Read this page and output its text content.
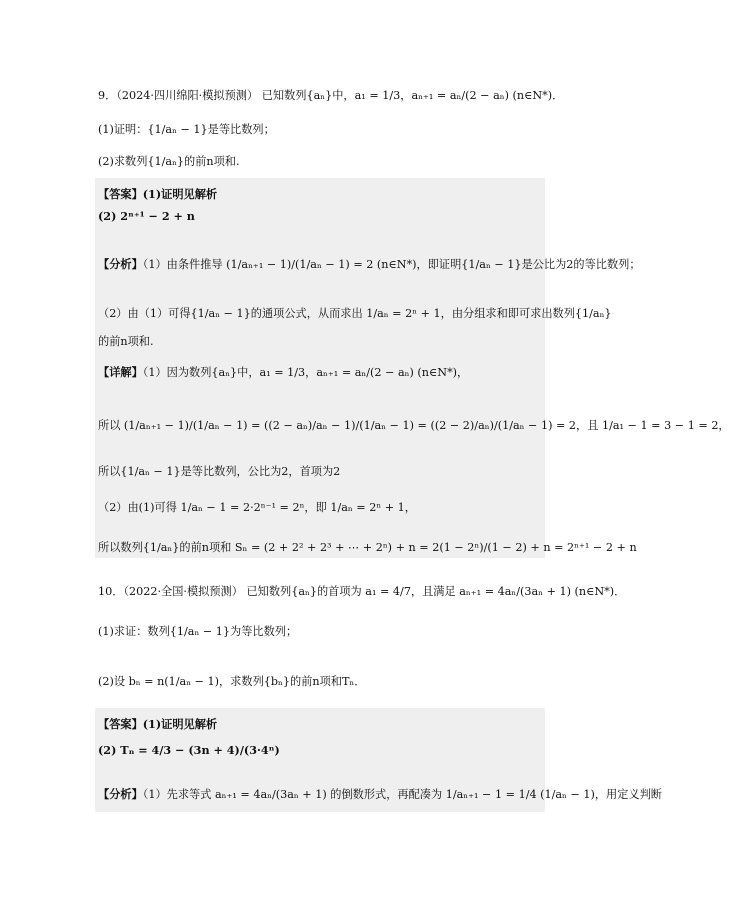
9．（2024·四川绵阳·模拟预测） 已知数列{aₙ}中，a₁ = 1/3，aₙ₊₁ = aₙ/(2 − aₙ) (n∈N*)．
(1)证明：{1/aₙ − 1}是等比数列；
(2)求数列{1/aₙ}的前n项和.
【答案】(1)证明见解析
(2) 2ⁿ⁺¹ − 2 + n
【分析】（1）由条件推导 (1/aₙ₊₁ − 1)/(1/aₙ − 1) = 2 (n∈N*)，即证明{1/aₙ − 1}是公比为2的等比数列；
（2）由（1）可得{1/aₙ − 1}的通项公式，从而求出 1/aₙ = 2ⁿ + 1，由分组求和即可求出数列{1/aₙ}
的前n项和.
【详解】（1）因为数列{aₙ}中，a₁ = 1/3，aₙ₊₁ = aₙ/(2 − aₙ) (n∈N*)，
所以 (1/aₙ₊₁ − 1)/(1/aₙ − 1) = ((2 − aₙ)/aₙ − 1)/(1/aₙ − 1) = ((2 − 2)/aₙ)/(1/aₙ − 1) = 2，且 1/a₁ − 1 = 3 − 1 = 2，
所以{1/aₙ − 1}是等比数列，公比为2，首项为2
（2）由(1)可得 1/aₙ − 1 = 2·2ⁿ⁻¹ = 2ⁿ，即 1/aₙ = 2ⁿ + 1，
所以数列{1/aₙ}的前n项和 Sₙ = (2 + 2² + 2³ + ⋯ + 2ⁿ) + n = 2(1 − 2ⁿ)/(1 − 2) + n = 2ⁿ⁺¹ − 2 + n
10．（2022·全国·模拟预测） 已知数列{aₙ}的首项为 a₁ = 4/7，且满足 aₙ₊₁ = 4aₙ/(3aₙ + 1) (n∈N*)．
(1)求证：数列{1/aₙ − 1}为等比数列；
(2)设 bₙ = n(1/aₙ − 1)，求数列{bₙ}的前n项和Tₙ．
【答案】(1)证明见解析
(2) Tₙ = 4/3 − (3n + 4)/(3·4ⁿ)
【分析】（1）先求等式 aₙ₊₁ = 4aₙ/(3aₙ + 1) 的倒数形式，再配凑为 1/aₙ₊₁ − 1 = 1/4 (1/aₙ − 1)，用定义判断
